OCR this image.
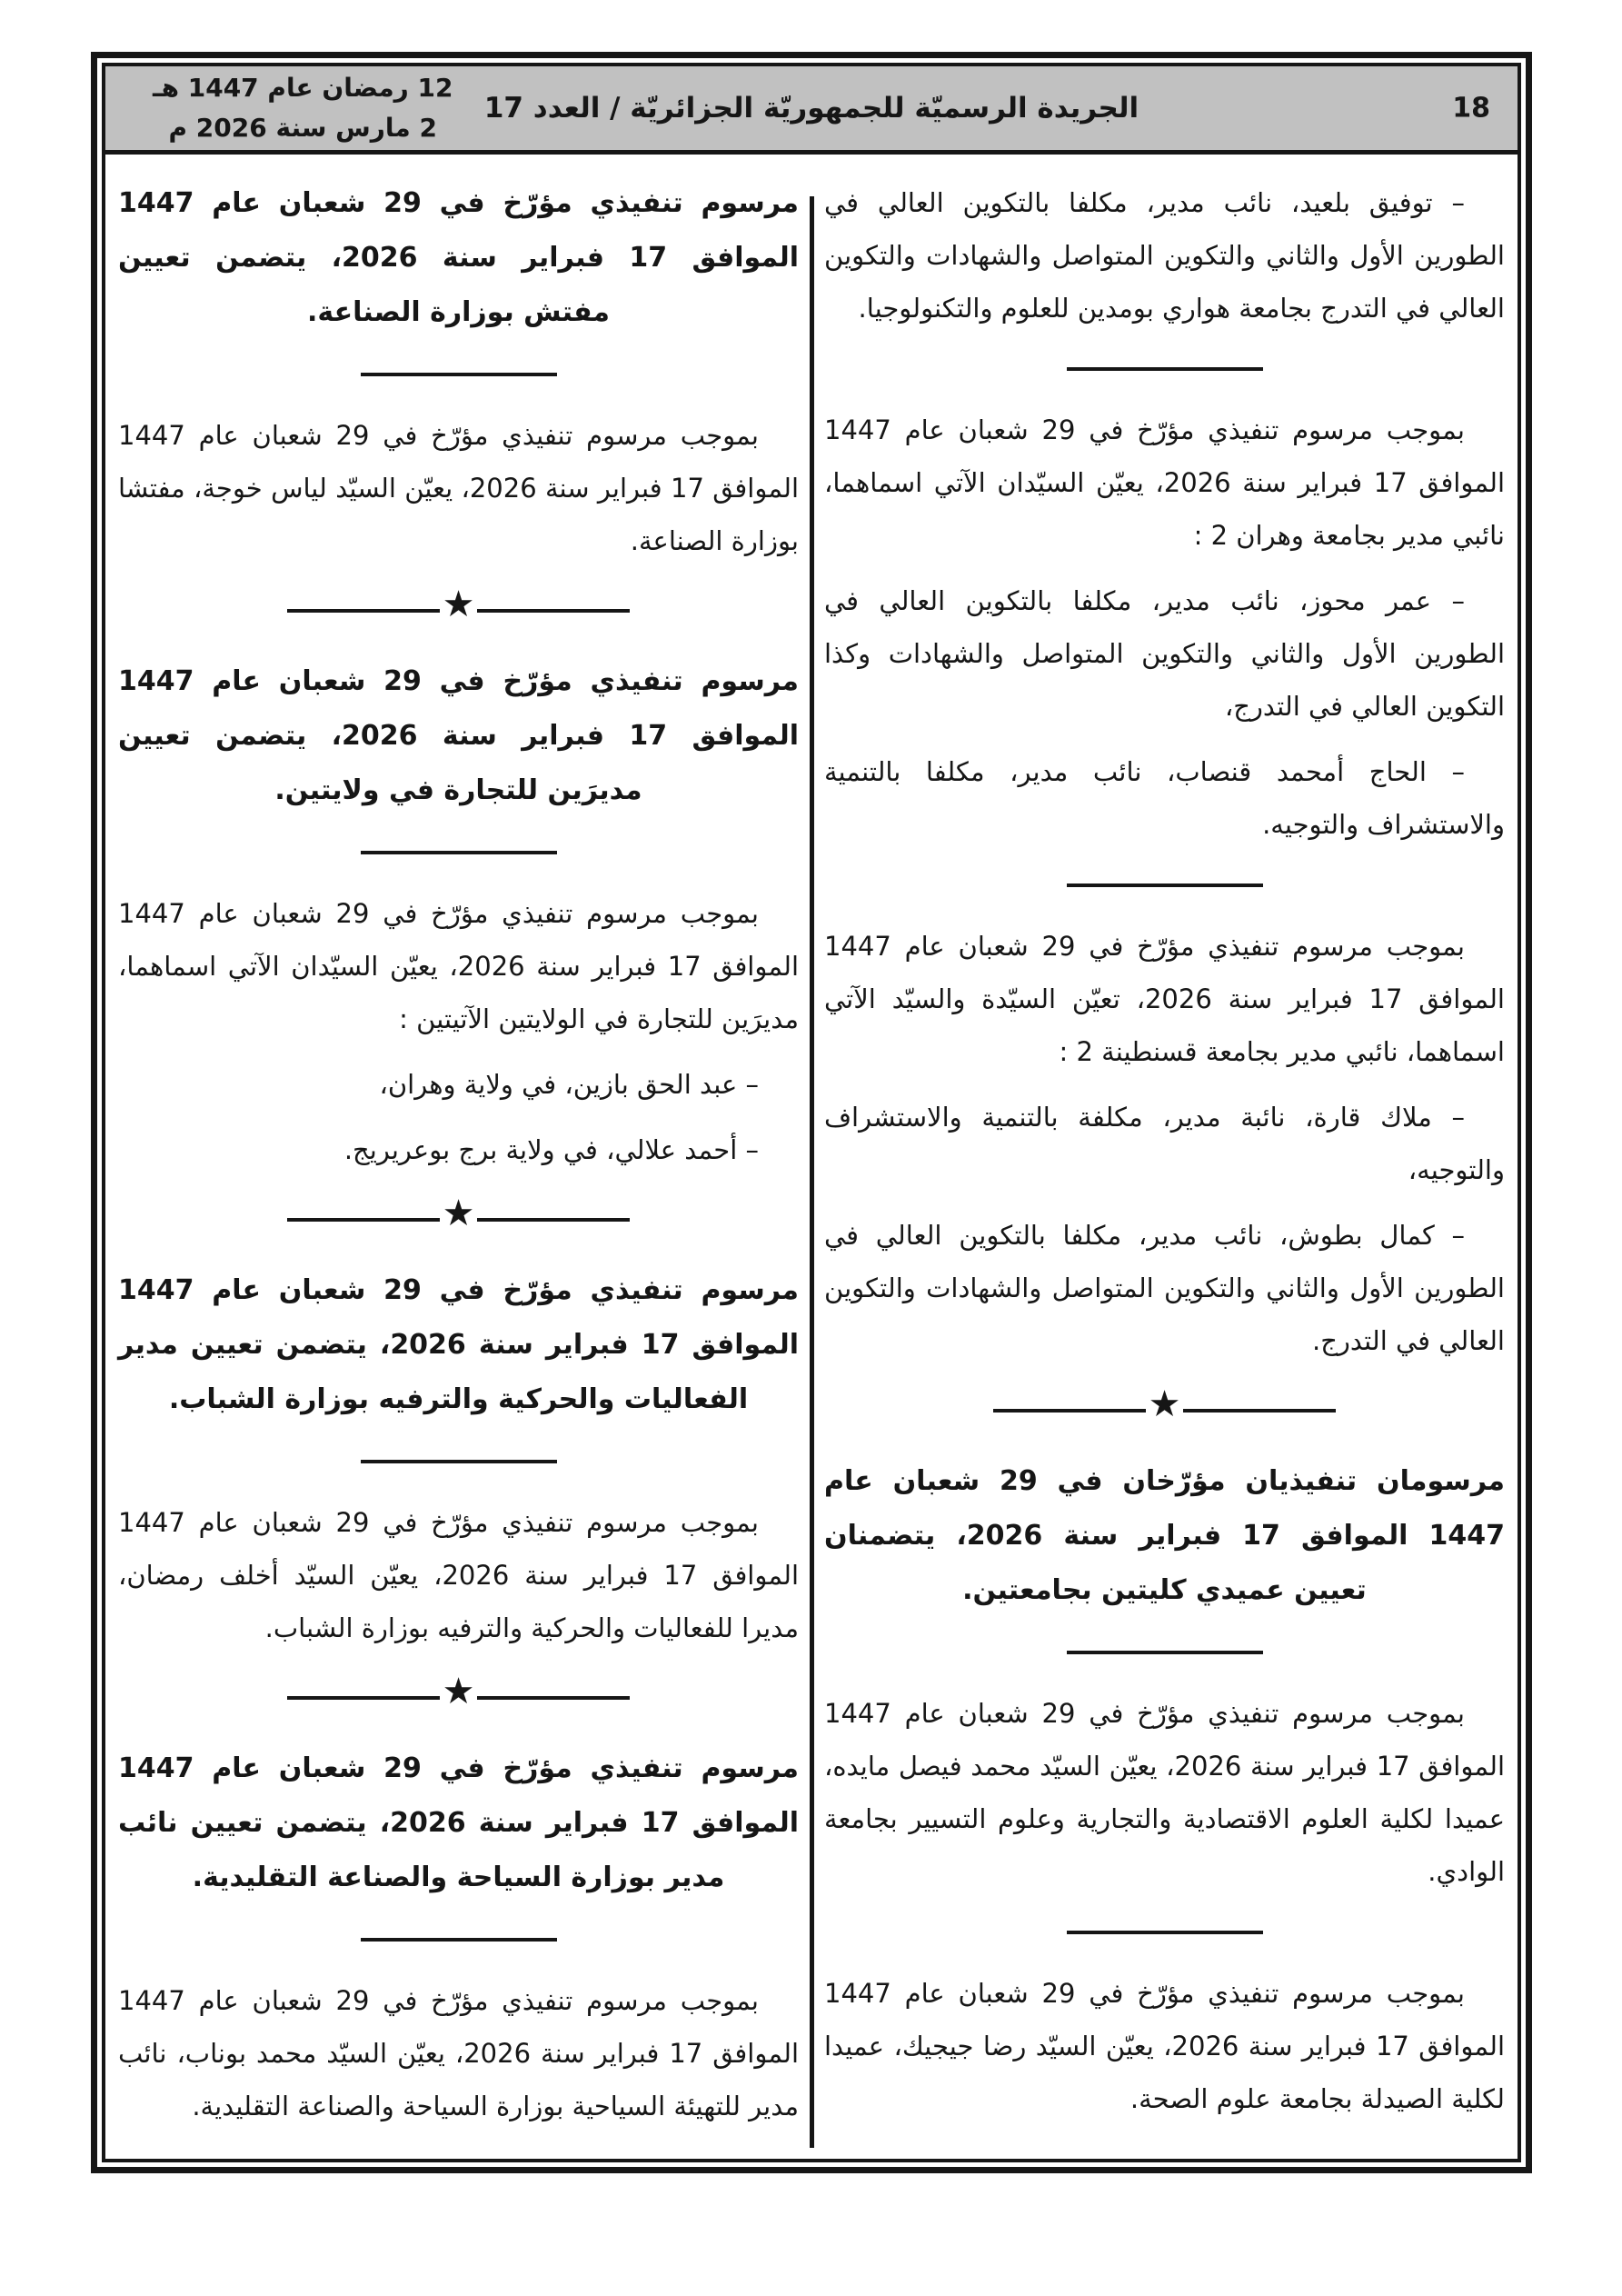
18
الجريدة الرسميّة للجمهوريّة الجزائريّة / العدد 17
12 رمضان عام 1447 هـ
2 مارس سنة 2026 م

– توفيق بلعيد، نائب مدير، مكلفا بالتكوين العالي في الطورين الأول والثاني والتكوين المتواصل والشهادات والتكوين العالي في التدرج بجامعة هواري بومدين للعلوم والتكنولوجيا.

بموجب مرسوم تنفيذي مؤرّخ في 29 شعبان عام 1447 الموافق 17 فبراير سنة 2026، يعيّن السيّدان الآتي اسماهما، نائبي مدير بجامعة وهران 2 :

– عمر محوز، نائب مدير، مكلفا بالتكوين العالي في الطورين الأول والثاني والتكوين المتواصل والشهادات وكذا التكوين العالي في التدرج،

– الحاج أمحمد قنصاب، نائب مدير، مكلفا بالتنمية والاستشراف والتوجيه.

بموجب مرسوم تنفيذي مؤرّخ في 29 شعبان عام 1447 الموافق 17 فبراير سنة 2026، تعيّن السيّدة والسيّد الآتي اسماهما، نائبي مدير بجامعة قسنطينة 2 :

– ملاك قارة، نائبة مدير، مكلفة بالتنمية والاستشراف والتوجيه،

– كمال بطوش، نائب مدير، مكلفا بالتكوين العالي في الطورين الأول والثاني والتكوين المتواصل والشهادات والتكوين العالي في التدرج.

★

مرسومان تنفيذيان مؤرّخان في 29 شعبان عام 1447 الموافق 17 فبراير سنة 2026، يتضمنان تعيين عميدي كليتين بجامعتين.

بموجب مرسوم تنفيذي مؤرّخ في 29 شعبان عام 1447 الموافق 17 فبراير سنة 2026، يعيّن السيّد محمد فيصل مايده، عميدا لكلية العلوم الاقتصادية والتجارية وعلوم التسيير بجامعة الوادي.

بموجب مرسوم تنفيذي مؤرّخ في 29 شعبان عام 1447 الموافق 17 فبراير سنة 2026، يعيّن السيّد رضا جيجيك، عميدا لكلية الصيدلة بجامعة علوم الصحة.

مرسوم تنفيذي مؤرّخ في 29 شعبان عام 1447 الموافق 17 فبراير سنة 2026، يتضمن تعيين مفتش بوزارة الصناعة.

بموجب مرسوم تنفيذي مؤرّخ في 29 شعبان عام 1447 الموافق 17 فبراير سنة 2026، يعيّن السيّد لياس خوجة، مفتشا بوزارة الصناعة.

★

مرسوم تنفيذي مؤرّخ في 29 شعبان عام 1447 الموافق 17 فبراير سنة 2026، يتضمن تعيين مديرَين للتجارة في ولايتين.

بموجب مرسوم تنفيذي مؤرّخ في 29 شعبان عام 1447 الموافق 17 فبراير سنة 2026، يعيّن السيّدان الآتي اسماهما، مديرَين للتجارة في الولايتين الآتيتين :

– عبد الحق بازين، في ولاية وهران،

– أحمد علالي، في ولاية برج بوعريريج.

★

مرسوم تنفيذي مؤرّخ في 29 شعبان عام 1447 الموافق 17 فبراير سنة 2026، يتضمن تعيين مدير الفعاليات والحركية والترفيه بوزارة الشباب.

بموجب مرسوم تنفيذي مؤرّخ في 29 شعبان عام 1447 الموافق 17 فبراير سنة 2026، يعيّن السيّد أخلف رمضان، مديرا للفعاليات والحركية والترفيه بوزارة الشباب.

★

مرسوم تنفيذي مؤرّخ في 29 شعبان عام 1447 الموافق 17 فبراير سنة 2026، يتضمن تعيين نائب مدير بوزارة السياحة والصناعة التقليدية.

بموجب مرسوم تنفيذي مؤرّخ في 29 شعبان عام 1447 الموافق 17 فبراير سنة 2026، يعيّن السيّد محمد بوناب، نائب مدير للتهيئة السياحية بوزارة السياحة والصناعة التقليدية.
